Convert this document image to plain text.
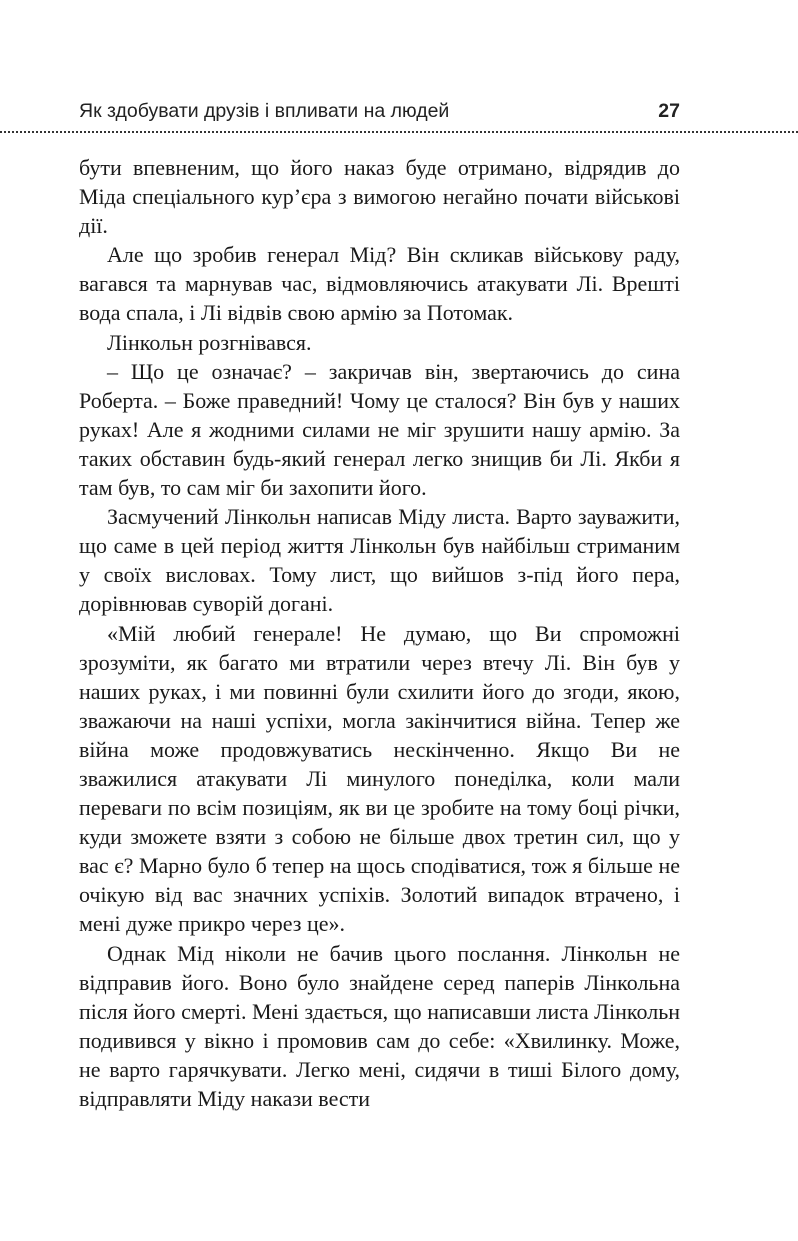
Як здобувати друзів і впливати на людей	27

бути впевненим, що його наказ буде отримано, відрядив до Міда спеціального кур’єра з вимогою негайно почати військові дії.

Але що зробив генерал Мід? Він скликав військову раду, вагався та марнував час, відмовляючись атакувати Лі. Врешті вода спала, і Лі відвів свою армію за Потомак.

Лінкольн розгнівався.

– Що це означає? – закричав він, звертаючись до сина Роберта. – Боже праведний! Чому це сталося? Він був у наших руках! Але я жодними силами не міг зрушити нашу армію. За таких обставин будь-який генерал легко знищив би Лі. Якби я там був, то сам міг би захопити його.

Засмучений Лінкольн написав Міду листа. Варто зауважити, що саме в цей період життя Лінкольн був найбільш стриманим у своїх висловах. Тому лист, що вийшов з-під його пера, дорівнював суворій догані.

«Мій любий генерале! Не думаю, що Ви спроможні зрозуміти, як багато ми втратили через втечу Лі. Він був у наших руках, і ми повинні були схилити його до згоди, якою, зважаючи на наші успіхи, могла закінчитися війна. Тепер же війна може продовжуватись нескінченно. Якщо Ви не зважилися атакувати Лі минулого понеділка, коли мали переваги по всім позиціям, як ви це зробите на тому боці річки, куди зможете взяти з собою не більше двох третин сил, що у вас є? Марно було б тепер на щось сподіватися, тож я більше не очікую від вас значних успіхів. Золотий випадок втрачено, і мені дуже прикро через це».

Однак Мід ніколи не бачив цього послання. Лінкольн не відправив його. Воно було знайдене серед паперів Лінкольна після його смерті. Мені здається, що написавши листа Лінкольн подивився у вікно і промовив сам до себе: «Хвилинку. Може, не варто гарячкувати. Легко мені, сидячи в тиші Білого дому, відправляти Міду накази вести
